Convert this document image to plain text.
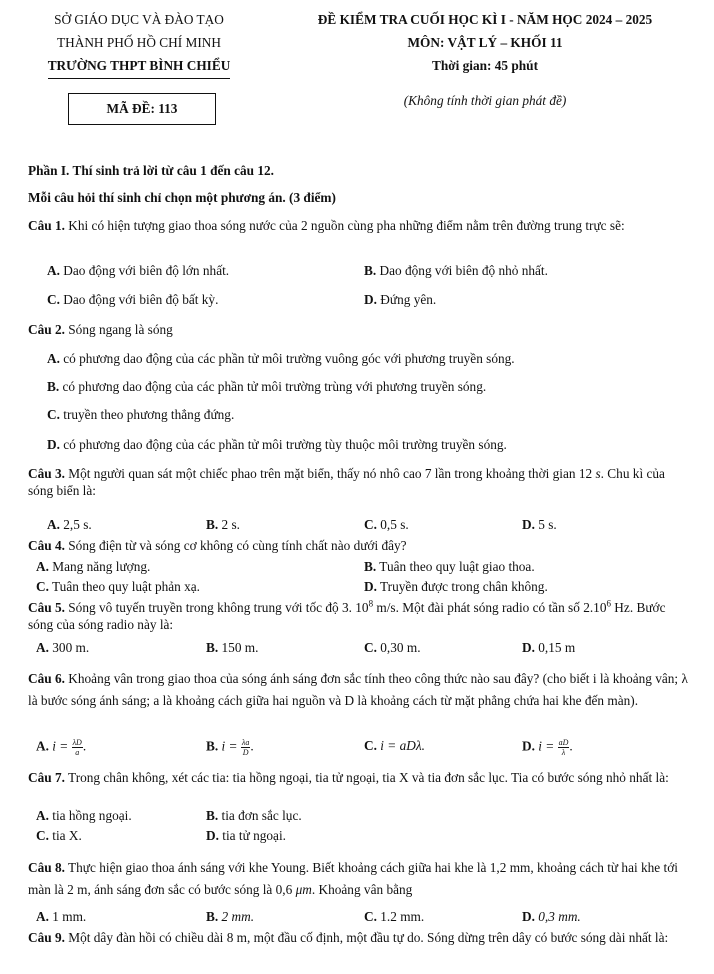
SỞ GIÁO DỤC VÀ ĐÀO TẠO
THÀNH PHỐ HỒ CHÍ MINH
TRƯỜNG THPT BÌNH CHIỂU
MÃ ĐỀ: 113
ĐỀ KIỂM TRA CUỐI HỌC KÌ I - NĂM HỌC 2024 – 2025
MÔN: VẬT LÝ – KHỐI 11
Thời gian: 45 phút
(Không tính thời gian phát đề)
Phần I. Thí sinh trả lời từ câu 1 đến câu 12.
Mỗi câu hỏi thí sinh chỉ chọn một phương án. (3 điểm)
Câu 1. Khi có hiện tượng giao thoa sóng nước của 2 nguồn cùng pha những điểm nằm trên đường trung trực sẽ:
A. Dao động với biên độ lớn nhất.	B. Dao động với biên độ nhỏ nhất.
C. Dao động với biên độ bất kỳ.	D. Đứng yên.
Câu 2. Sóng ngang là sóng
A. có phương dao động của các phần tử môi trường vuông góc với phương truyền sóng.
B. có phương dao động của các phần tử môi trường trùng với phương truyền sóng.
C. truyền theo phương thẳng đứng.
D. có phương dao động của các phần tử môi trường tùy thuộc môi trường truyền sóng.
Câu 3. Một người quan sát một chiếc phao trên mặt biển, thấy nó nhô cao 7 lần trong khoảng thời gian 12 s. Chu kì của sóng biển là:
A. 2,5 s.	B. 2 s.	C. 0,5 s.	D. 5 s.
Câu 4. Sóng điện từ và sóng cơ không có cùng tính chất nào dưới đây?
A. Mang năng lượng.	B. Tuân theo quy luật giao thoa.
C. Tuân theo quy luật phản xạ.	D. Truyền được trong chân không.
Câu 5. Sóng vô tuyến truyền trong không trung với tốc độ 3. $10^8$ m/s. Một đài phát sóng radio có tần số 2.10$^6$ Hz. Bước sóng của sóng radio này là:
A. 300 m.	B. 150 m.	C. 0,30 m.	D. 0,15 m
Câu 6. Khoảng vân trong giao thoa của sóng ánh sáng đơn sắc tính theo công thức nào sau đây? (cho biết i là khoảng vân; λ là bước sóng ánh sáng; a là khoảng cách giữa hai nguồn và D là khoảng cách từ mặt phẳng chứa hai khe đến màn).
A. $i = \frac{\lambda D}{a}$ .	B. $i = \frac{\lambda a}{D}$ .	C. i = aDλ.	D. $i = \frac{aD}{\lambda}$ .
Câu 7. Trong chân không, xét các tia: tia hồng ngoại, tia tử ngoại, tia X và tia đơn sắc lục. Tia có bước sóng nhỏ nhất là:
A. tia hồng ngoại.	B. tia đơn sắc lục.
C. tia X.	D. tia tử ngoại.
Câu 8. Thực hiện giao thoa ánh sáng với khe Young. Biết khoảng cách giữa hai khe là 1,2 mm, khoảng cách từ hai khe tới màn là 2 m, ánh sáng đơn sắc có bước sóng là 0,6 μm. Khoảng vân bằng
A. 1 mm.	B. 2 mm.	C. 1.2 mm.	D. 0,3 mm.
Câu 9. Một dây đàn hồi có chiều dài 8 m, một đầu cố định, một đầu tự do. Sóng dừng trên dây có bước sóng dài nhất là:
